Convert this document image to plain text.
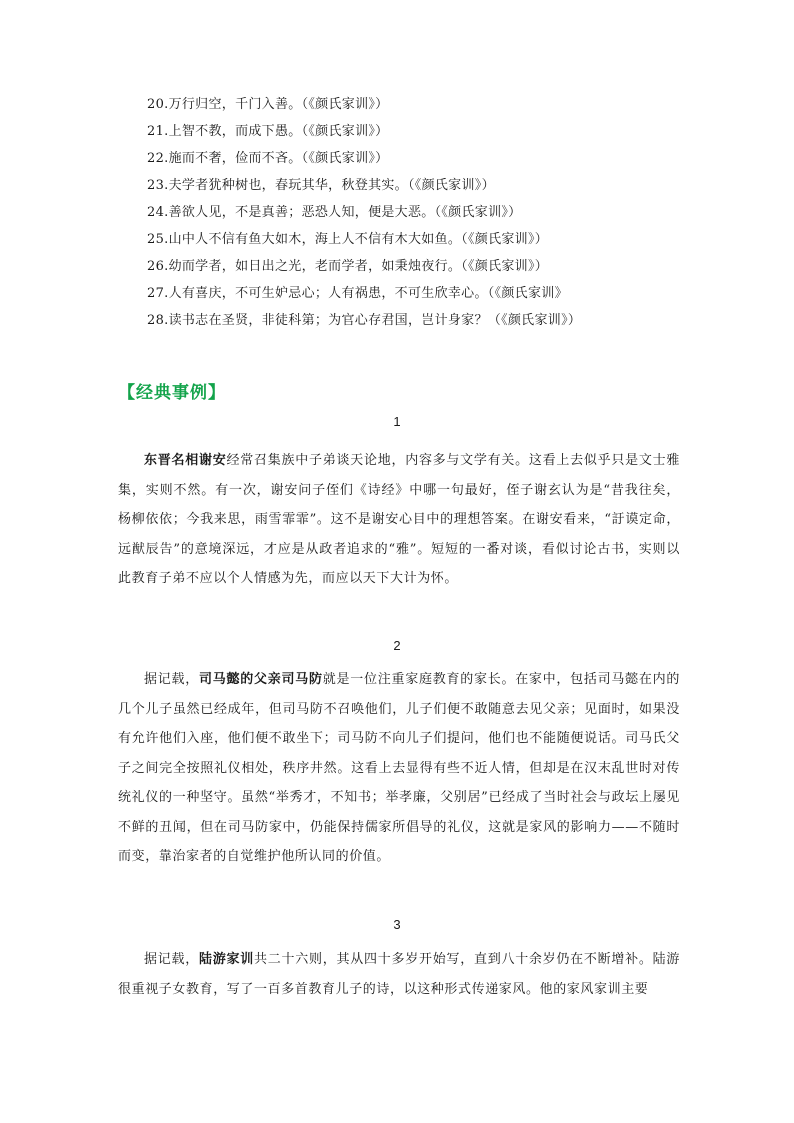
20.万行归空，千门入善。（《颜氏家训》）
21.上智不教，而成下愚。（《颜氏家训》）
22.施而不奢，俭而不吝。（《颜氏家训》）
23.夫学者犹种树也，春玩其华，秋登其实。（《颜氏家训》）
24.善欲人见，不是真善；恶恐人知，便是大恶。（《颜氏家训》）
25.山中人不信有鱼大如木，海上人不信有木大如鱼。（《颜氏家训》）
26.幼而学者，如日出之光，老而学者，如秉烛夜行。（《颜氏家训》）
27.人有喜庆，不可生妒忌心；人有祸患，不可生欣幸心。（《颜氏家训》
28.读书志在圣贤，非徒科第；为官心存君国，岂计身家？（《颜氏家训》）
【经典事例】
1

东晋名相谢安经常召集族中子弟谈天论地，内容多与文学有关。这看上去似乎只是文士雅集，实则不然。有一次，谢安问子侄们《诗经》中哪一句最好，侄子谢玄认为是“昔我往矣，杨柳依依；今我来思，雨雪霏霏”。这不是谢安心目中的理想答案。在谢安看来，“訏谟定命，远猷辰告”的意境深远，才应是从政者追求的“雅”。短短的一番对谈，看似讨论古书，实则以此教育子弟不应以个人情感为先，而应以天下大计为怀。

2

据记载，司马懿的父亲司马防就是一位注重家庭教育的家长。在家中，包括司马懿在内的几个儿子虽然已经成年，但司马防不召唤他们，儿子们便不敢随意去见父亲；见面时，如果没有允许他们入座，他们便不敢坐下；司马防不向儿子们提问，他们也不能随便说话。司马氏父子之间完全按照礼仪相处，秩序井然。这看上去显得有些不近人情，但却是在汉末乱世时对传统礼仪的一种坚守。虽然“举秀才，不知书；举孝廉，父别居”已经成了当时社会与政坛上屡见不鲜的丑闻，但在司马防家中，仍能保持儒家所倡导的礼仪，这就是家风的影响力——不随时而变，靠治家者的自觉维护他所认同的价值。

3

据记载，陆游家训共二十六则，其从四十多岁开始写，直到八十余岁仍在不断增补。陆游很重视子女教育，写了一百多首教育儿子的诗，以这种形式传递家风。他的家风家训主要
